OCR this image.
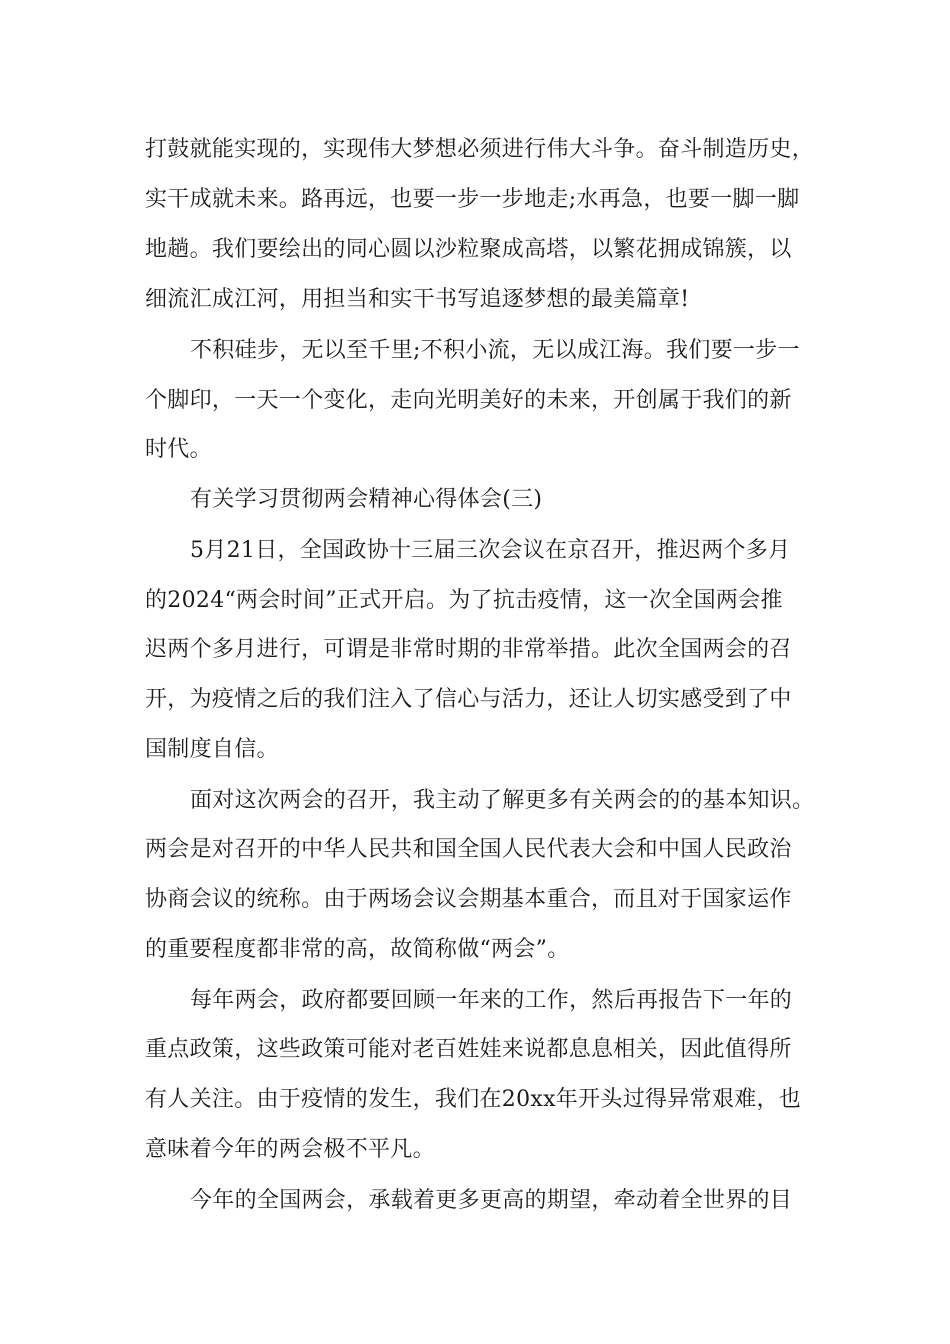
打鼓就能实现的，实现伟大梦想必须进行伟大斗争。奋斗制造历史，
实干成就未来。路再远，也要一步一步地走;水再急，也要一脚一脚
地趟。我们要绘出的同心圆以沙粒聚成高塔，以繁花拥成锦簇，以
细流汇成江河，用担当和实干书写追逐梦想的最美篇章!
不积硅步，无以至千里;不积小流，无以成江海。我们要一步一
个脚印，一天一个变化，走向光明美好的未来，开创属于我们的新
时代。
有关学习贯彻两会精神心得体会(三)
5月21日，全国政协十三届三次会议在京召开，推迟两个多月
的2024“两会时间”正式开启。为了抗击疫情，这一次全国两会推
迟两个多月进行，可谓是非常时期的非常举措。此次全国两会的召
开，为疫情之后的我们注入了信心与活力，还让人切实感受到了中
国制度自信。
面对这次两会的召开，我主动了解更多有关两会的的基本知识。
两会是对召开的中华人民共和国全国人民代表大会和中国人民政治
协商会议的统称。由于两场会议会期基本重合，而且对于国家运作
的重要程度都非常的高，故简称做“两会”。
每年两会，政府都要回顾一年来的工作，然后再报告下一年的
重点政策，这些政策可能对老百姓娃来说都息息相关，因此值得所
有人关注。由于疫情的发生，我们在20xx年开头过得异常艰难，也
意味着今年的两会极不平凡。
今年的全国两会，承载着更多更高的期望，牵动着全世界的目
